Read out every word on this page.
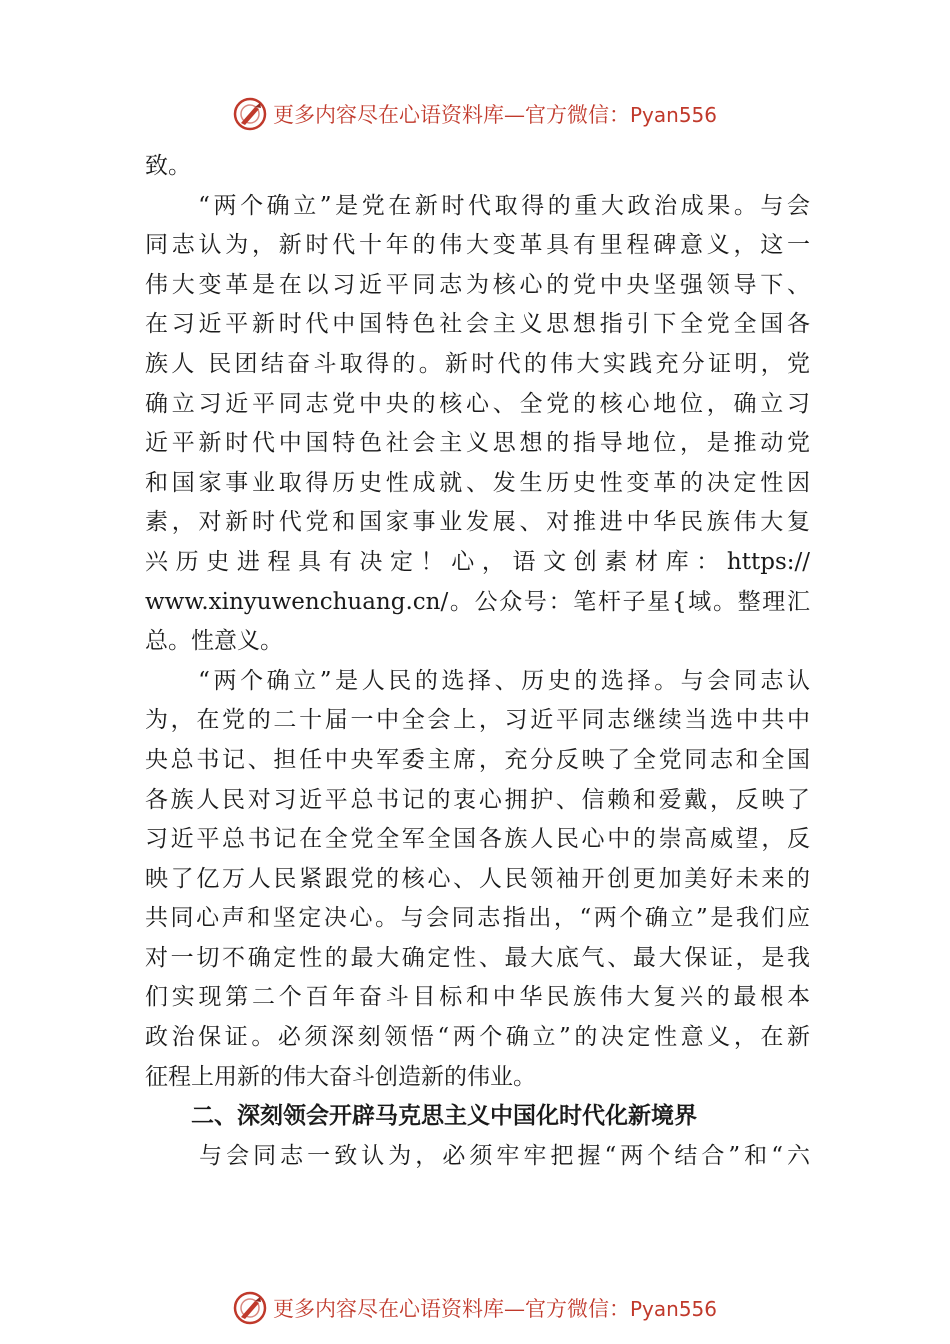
更多内容尽在心语资料库—官方微信：Pyan556
致。
　　“两个确立”是党在新时代取得的重大政治成果。与会
同志认为，新时代十年的伟大变革具有里程碑意义，这一
伟大变革是在以习近平同志为核心的党中央坚强领导下、
在习近平新时代中国特色社会主义思想指引下全党全国各
族人 民团结奋斗取得的。新时代的伟大实践充分证明，党
确立习近平同志党中央的核心、全党的核心地位，确立习
近平新时代中国特色社会主义思想的指导地位，是推动党
和国家事业取得历史性成就、发生历史性变革的决定性因
素，对新时代党和国家事业发展、对推进中华民族伟大复
兴历史进程具有决定！心，语文创素材库：https://
www.xinyuwenchuang.cn/。公众号：笔杆子星{域。整理汇
总。性意义。
　　“两个确立”是人民的选择、历史的选择。与会同志认
为，在党的二十届一中全会上，习近平同志继续当选中共中
央总书记、担任中央军委主席，充分反映了全党同志和全国
各族人民对习近平总书记的衷心拥护、信赖和爱戴，反映了
习近平总书记在全党全军全国各族人民心中的崇高威望，反
映了亿万人民紧跟党的核心、人民领袖开创更加美好未来的
共同心声和坚定决心。与会同志指出，“两个确立”是我们应
对一切不确定性的最大确定性、最大底气、最大保证，是我
们实现第二个百年奋斗目标和中华民族伟大复兴的最根本
政治保证。必须深刻领悟“两个确立”的决定性意义，在新
征程上用新的伟大奋斗创造新的伟业。
　　二、深刻领会开辟马克思主义中国化时代化新境界
　　与会同志一致认为，必须牢牢把握“两个结合”和“六
更多内容尽在心语资料库—官方微信：Pyan556
